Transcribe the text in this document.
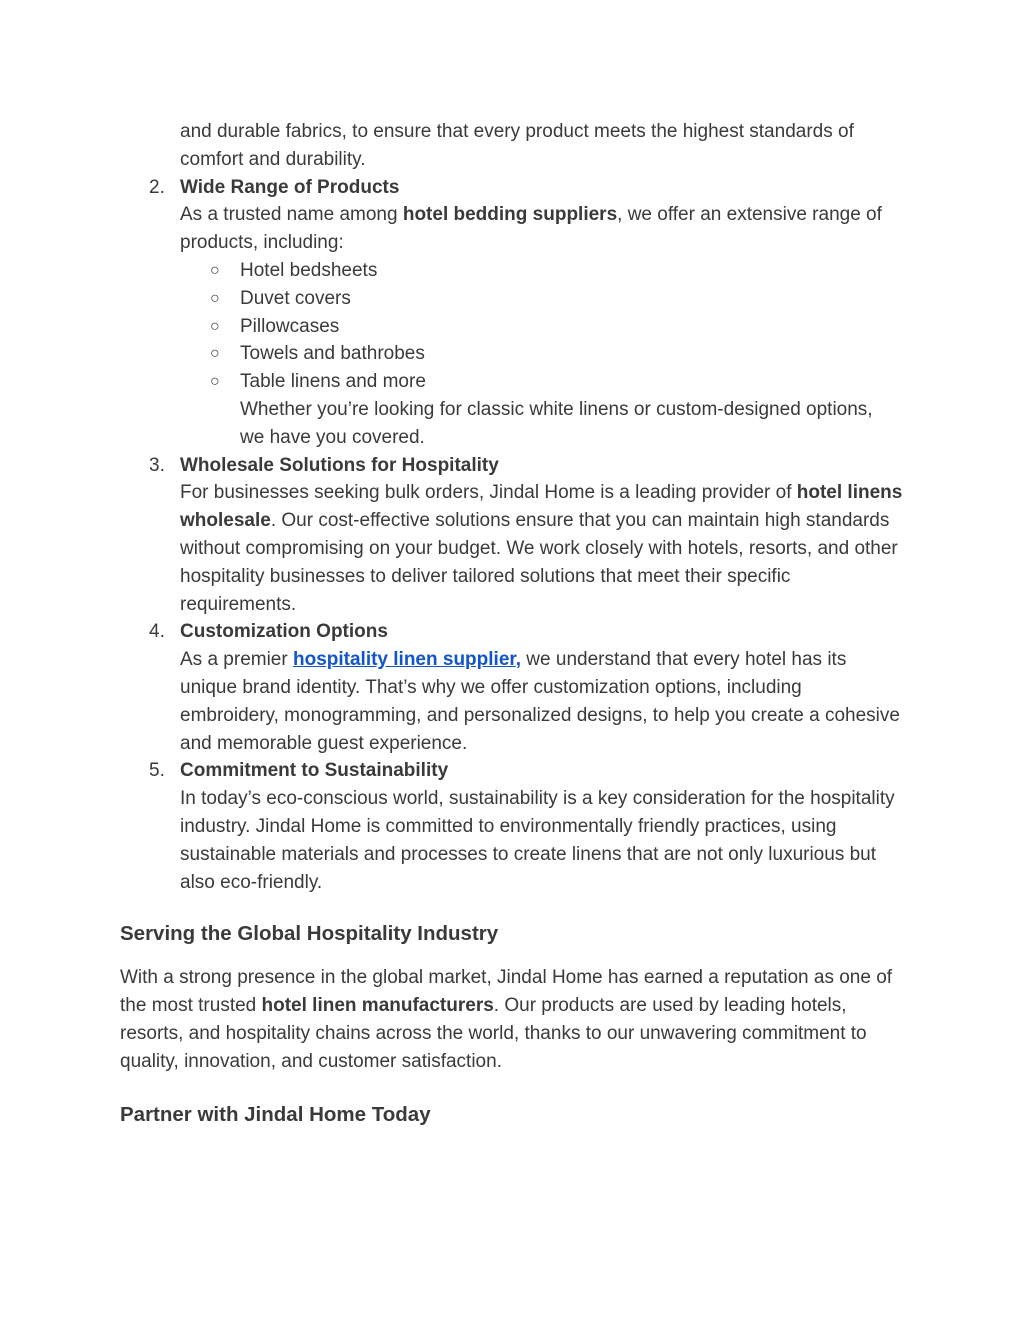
and durable fabrics, to ensure that every product meets the highest standards of comfort and durability.
2. Wide Range of Products
As a trusted name among hotel bedding suppliers, we offer an extensive range of products, including:
○ Hotel bedsheets
○ Duvet covers
○ Pillowcases
○ Towels and bathrobes
○ Table linens and more
Whether you’re looking for classic white linens or custom-designed options, we have you covered.
3. Wholesale Solutions for Hospitality
For businesses seeking bulk orders, Jindal Home is a leading provider of hotel linens wholesale. Our cost-effective solutions ensure that you can maintain high standards without compromising on your budget. We work closely with hotels, resorts, and other hospitality businesses to deliver tailored solutions that meet their specific requirements.
4. Customization Options
As a premier hospitality linen supplier, we understand that every hotel has its unique brand identity. That’s why we offer customization options, including embroidery, monogramming, and personalized designs, to help you create a cohesive and memorable guest experience.
5. Commitment to Sustainability
In today’s eco-conscious world, sustainability is a key consideration for the hospitality industry. Jindal Home is committed to environmentally friendly practices, using sustainable materials and processes to create linens that are not only luxurious but also eco-friendly.
Serving the Global Hospitality Industry
With a strong presence in the global market, Jindal Home has earned a reputation as one of the most trusted hotel linen manufacturers. Our products are used by leading hotels, resorts, and hospitality chains across the world, thanks to our unwavering commitment to quality, innovation, and customer satisfaction.
Partner with Jindal Home Today
